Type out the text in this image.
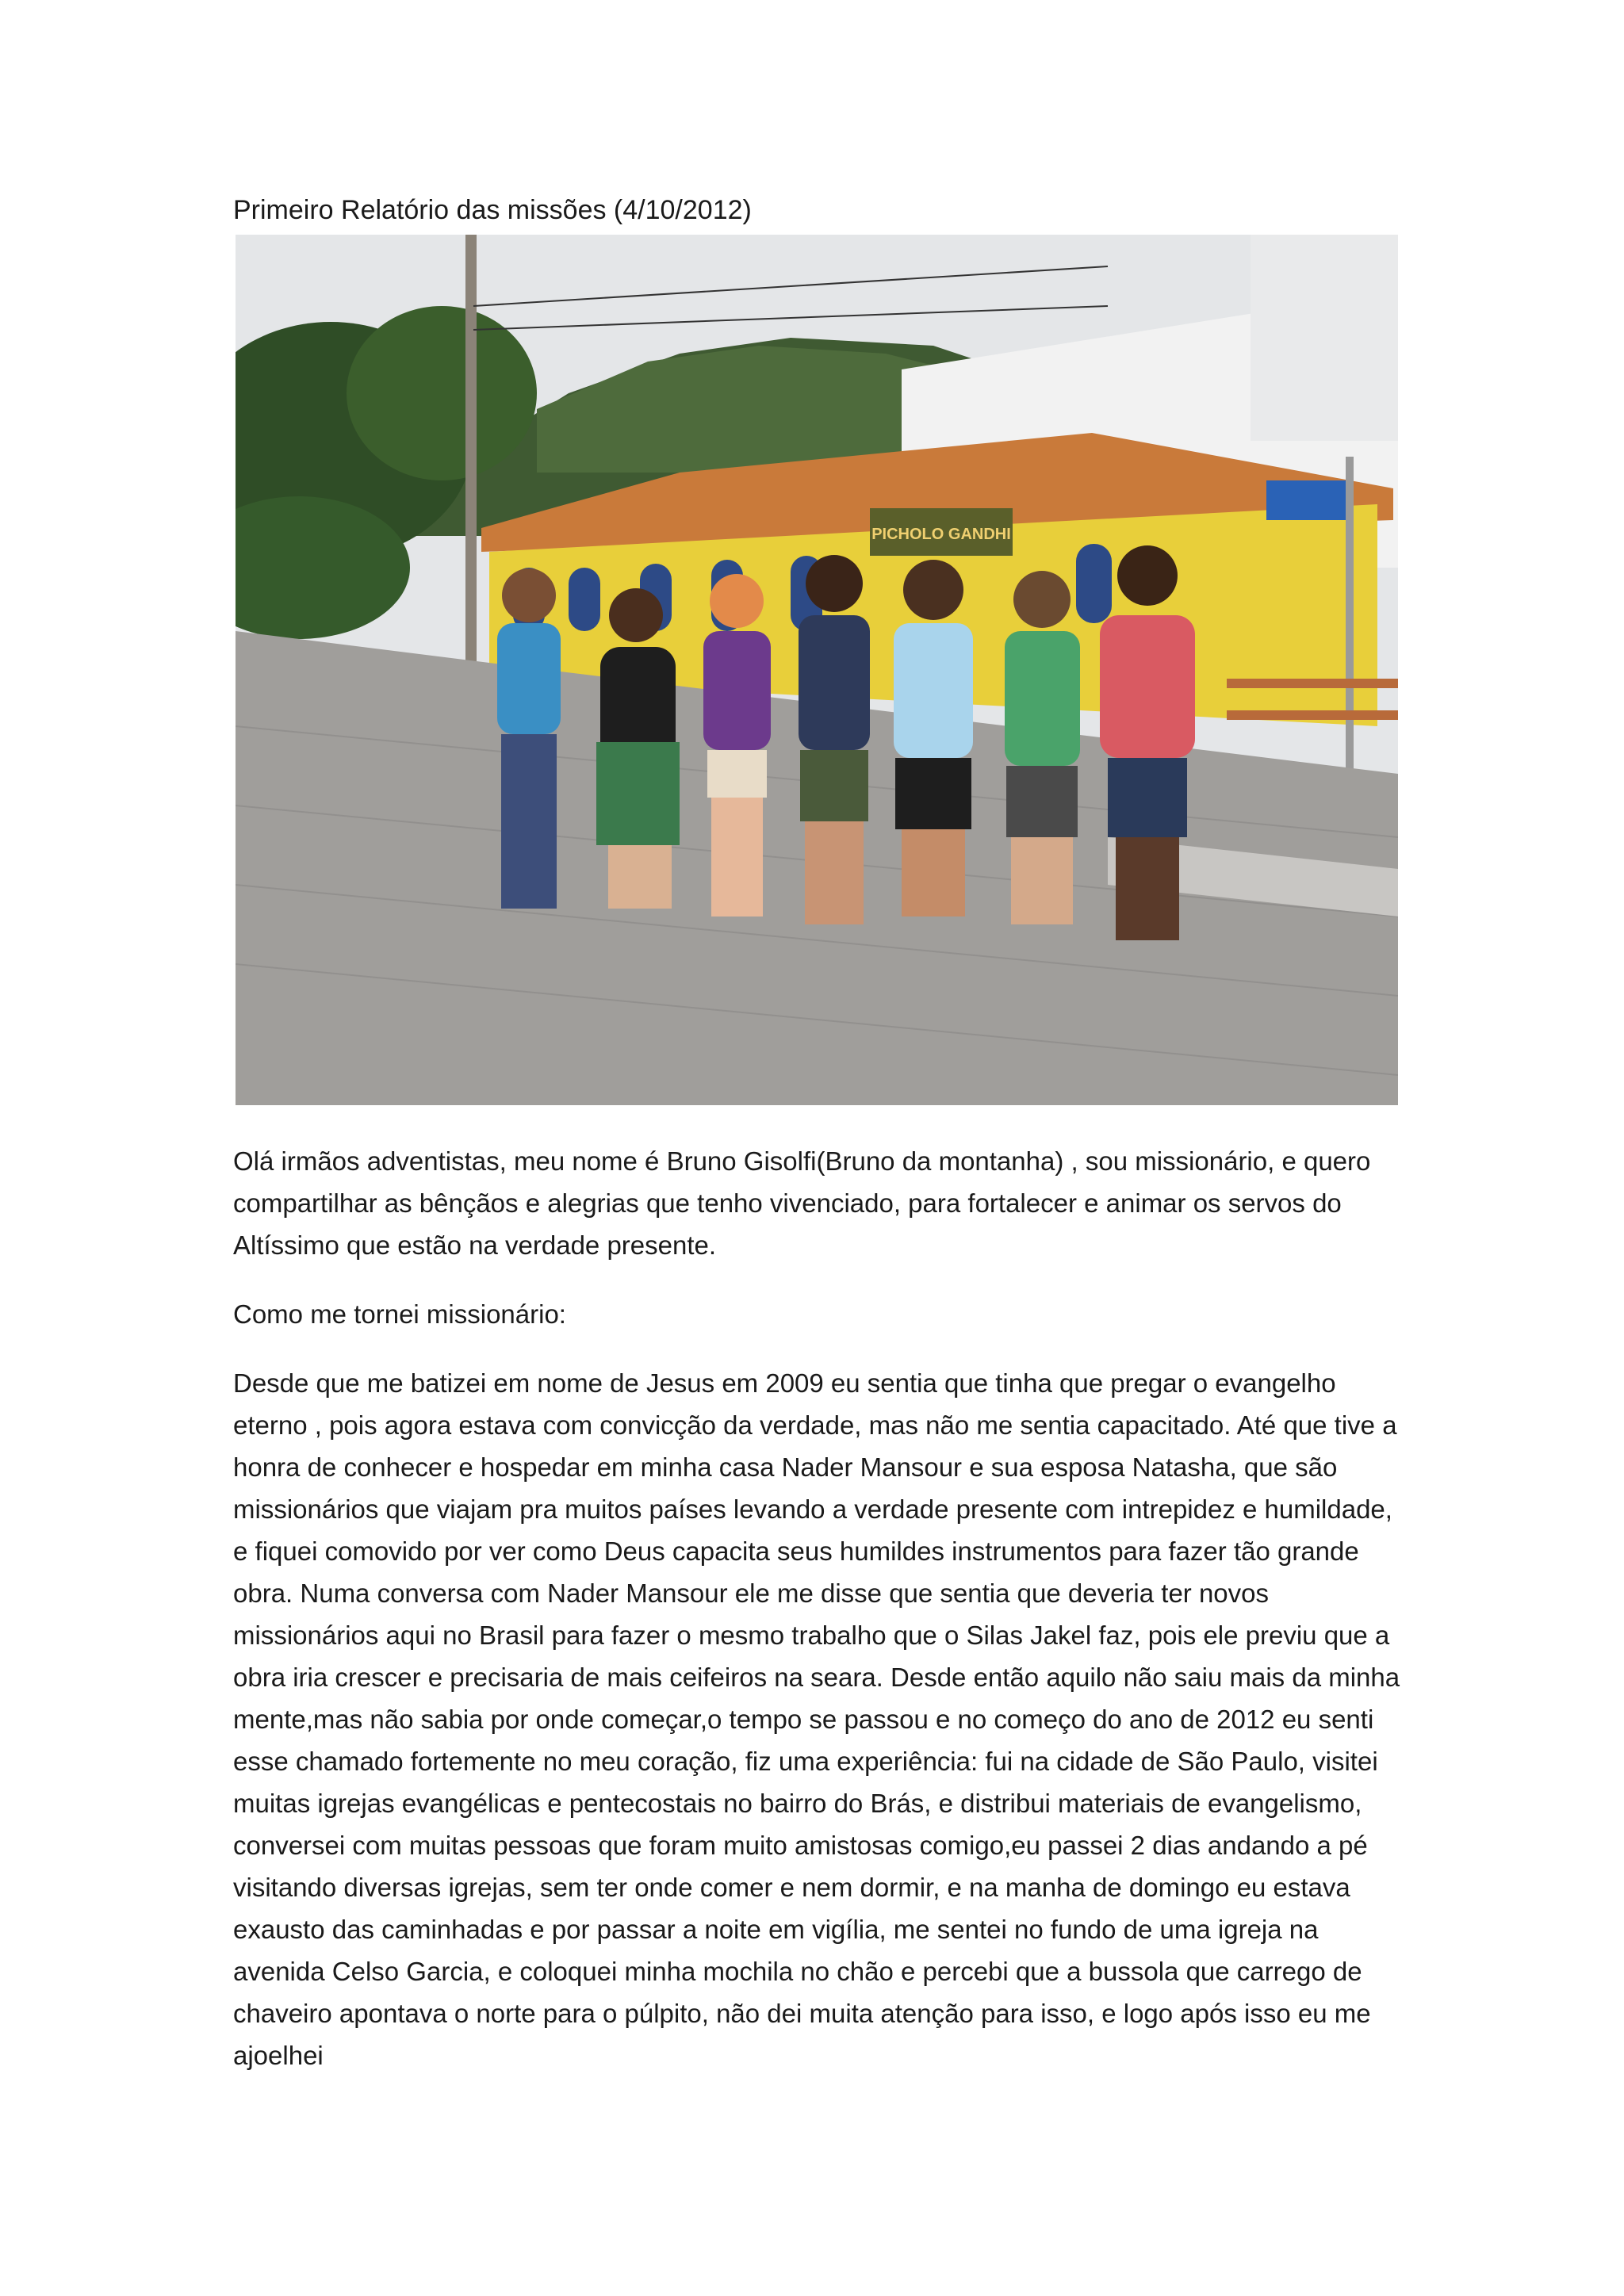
Primeiro Relatório das missões (4/10/2012)
PICHOLO GANDHI

Olá irmãos adventistas, meu nome é Bruno Gisolfi(Bruno da montanha) , sou missionário, e quero compartilhar as bênçãos e alegrias que tenho vivenciado, para fortalecer e animar os servos do Altíssimo que estão na verdade presente.

Como me tornei missionário:

Desde que me batizei em nome de Jesus em 2009 eu sentia que tinha que pregar o evangelho eterno , pois agora estava com convicção da verdade, mas não me sentia capacitado. Até que tive a honra de conhecer e hospedar em minha casa Nader Mansour e sua esposa Natasha, que são missionários que viajam pra muitos países levando a verdade presente com intrepidez e humildade, e fiquei comovido por ver como Deus capacita seus humildes instrumentos para fazer tão grande obra. Numa conversa com Nader Mansour ele me disse que sentia que deveria ter novos missionários aqui no Brasil para fazer o mesmo trabalho que o Silas Jakel faz, pois ele previu que a obra iria crescer e precisaria de mais ceifeiros na seara. Desde então aquilo não saiu mais da minha mente,mas não sabia por onde começar,o tempo se passou e no começo do ano de 2012 eu senti esse chamado fortemente no meu coração, fiz uma experiência: fui na cidade de São Paulo, visitei muitas igrejas evangélicas e pentecostais no bairro do Brás, e distribui materiais de evangelismo, conversei com muitas pessoas que foram muito amistosas comigo,eu passei 2 dias andando a pé visitando diversas igrejas, sem ter onde comer e nem dormir, e na manha de domingo eu estava exausto das caminhadas e por passar a noite em vigília, me sentei no fundo de uma igreja na avenida Celso Garcia, e coloquei minha mochila no chão e percebi que a bussola que carrego de chaveiro apontava o norte para o púlpito, não dei muita atenção para isso, e logo após isso eu me ajoelhei
